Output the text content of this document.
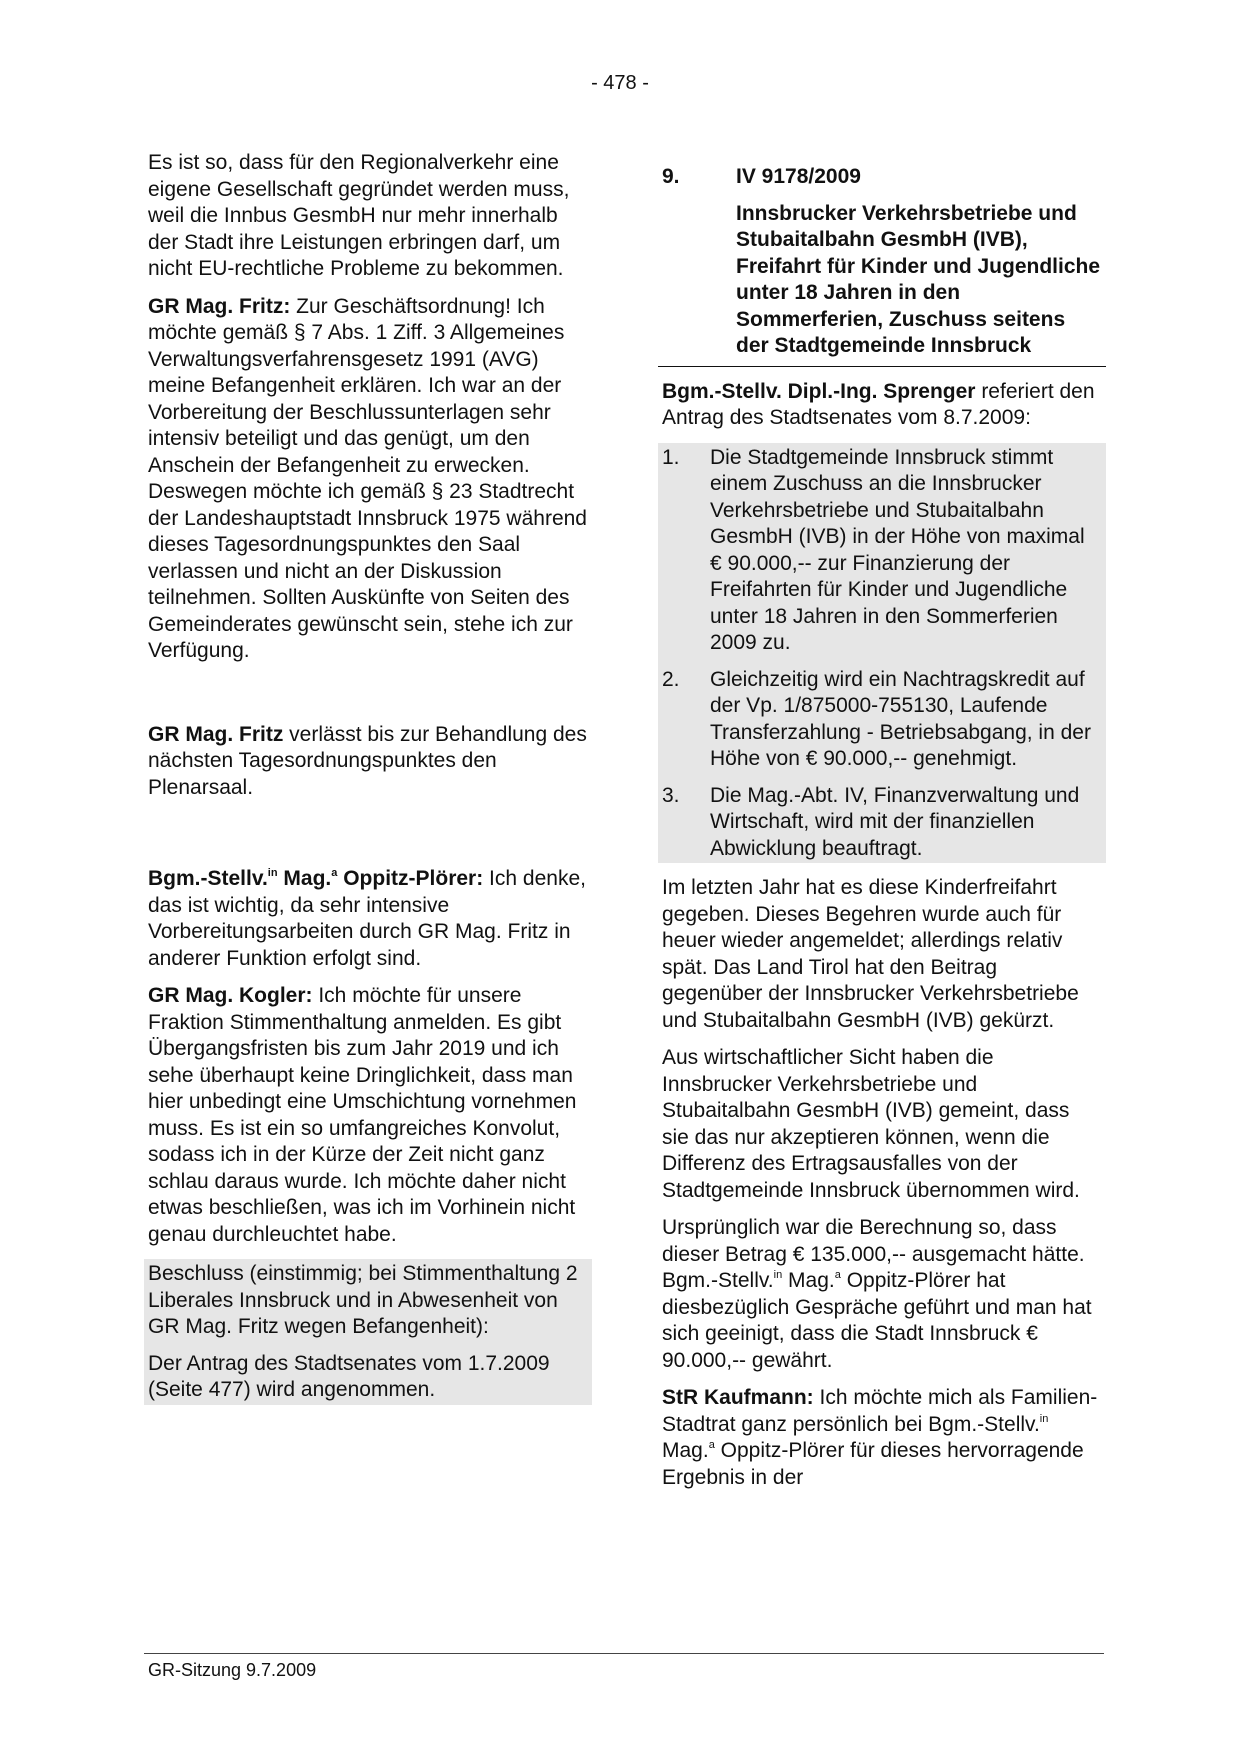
- 478 -

Es ist so, dass für den Regionalverkehr eine eigene Gesellschaft gegründet werden muss, weil die Innbus GesmbH nur mehr innerhalb der Stadt ihre Leistungen erbringen darf, um nicht EU-rechtliche Probleme zu bekommen.

GR Mag. Fritz: Zur Geschäftsordnung! Ich möchte gemäß § 7 Abs. 1 Ziff. 3 Allgemeines Verwaltungsverfahrensgesetz 1991 (AVG) meine Befangenheit erklären. Ich war an der Vorbereitung der Beschlussunterlagen sehr intensiv beteiligt und das genügt, um den Anschein der Befangenheit zu erwecken. Deswegen möchte ich gemäß § 23 Stadtrecht der Landeshauptstadt Innsbruck 1975 während dieses Tagesordnungspunktes den Saal verlassen und nicht an der Diskussion teilnehmen. Sollten Auskünfte von Seiten des Gemeinderates gewünscht sein, stehe ich zur Verfügung.

GR Mag. Fritz verlässt bis zur Behandlung des nächsten Tagesordnungspunktes den Plenarsaal.

Bgm.-Stellv.$^{in}$ Mag.$^a$ Oppitz-Plörer: Ich denke, das ist wichtig, da sehr intensive Vorbereitungsarbeiten durch GR Mag. Fritz in anderer Funktion erfolgt sind.

GR Mag. Kogler: Ich möchte für unsere Fraktion Stimmenthaltung anmelden. Es gibt Übergangsfristen bis zum Jahr 2019 und ich sehe überhaupt keine Dringlichkeit, dass man hier unbedingt eine Umschichtung vornehmen muss. Es ist ein so umfangreiches Konvolut, sodass ich in der Kürze der Zeit nicht ganz schlau daraus wurde. Ich möchte daher nicht etwas beschließen, was ich im Vorhinein nicht genau durchleuchtet habe.

Beschluss (einstimmig; bei Stimmenthaltung 2 Liberales Innsbruck und in Abwesenheit von GR Mag. Fritz wegen Befangenheit):

Der Antrag des Stadtsenates vom 1.7.2009 (Seite 477) wird angenommen.

9.	IV 9178/2009
Innsbrucker Verkehrsbetriebe und Stubaitalbahn GesmbH (IVB), Freifahrt für Kinder und Jugendliche unter 18 Jahren in den Sommerferien, Zuschuss seitens der Stadtgemeinde Innsbruck

Bgm.-Stellv. Dipl.-Ing. Sprenger referiert den Antrag des Stadtsenates vom 8.7.2009:

1.	Die Stadtgemeinde Innsbruck stimmt einem Zuschuss an die Innsbrucker Verkehrsbetriebe und Stubaitalbahn GesmbH (IVB) in der Höhe von maximal € 90.000,-- zur Finanzierung der Freifahrten für Kinder und Jugendliche unter 18 Jahren in den Sommerferien 2009 zu.
2.	Gleichzeitig wird ein Nachtragskredit auf der Vp. 1/875000-755130, Laufende Transferzahlung - Betriebsabgang, in der Höhe von € 90.000,-- genehmigt.
3.	Die Mag.-Abt. IV, Finanzverwaltung und Wirtschaft, wird mit der finanziellen Abwicklung beauftragt.

Im letzten Jahr hat es diese Kinderfreifahrt gegeben. Dieses Begehren wurde auch für heuer wieder angemeldet; allerdings relativ spät. Das Land Tirol hat den Beitrag gegenüber der Innsbrucker Verkehrsbetriebe und Stubaitalbahn GesmbH (IVB) gekürzt.

Aus wirtschaftlicher Sicht haben die Innsbrucker Verkehrsbetriebe und Stubaitalbahn GesmbH (IVB) gemeint, dass sie das nur akzeptieren können, wenn die Differenz des Ertragsausfalles von der Stadtgemeinde Innsbruck übernommen wird.

Ursprünglich war die Berechnung so, dass dieser Betrag € 135.000,-- ausgemacht hätte. Bgm.-Stellv.$^{in}$ Mag.$^a$ Oppitz-Plörer hat diesbezüglich Gespräche geführt und man hat sich geeinigt, dass die Stadt Innsbruck € 90.000,-- gewährt.

StR Kaufmann: Ich möchte mich als Familien-Stadtrat ganz persönlich bei Bgm.-Stellv.$^{in}$ Mag.$^a$ Oppitz-Plörer für dieses hervorragende Ergebnis in der

GR-Sitzung 9.7.2009
